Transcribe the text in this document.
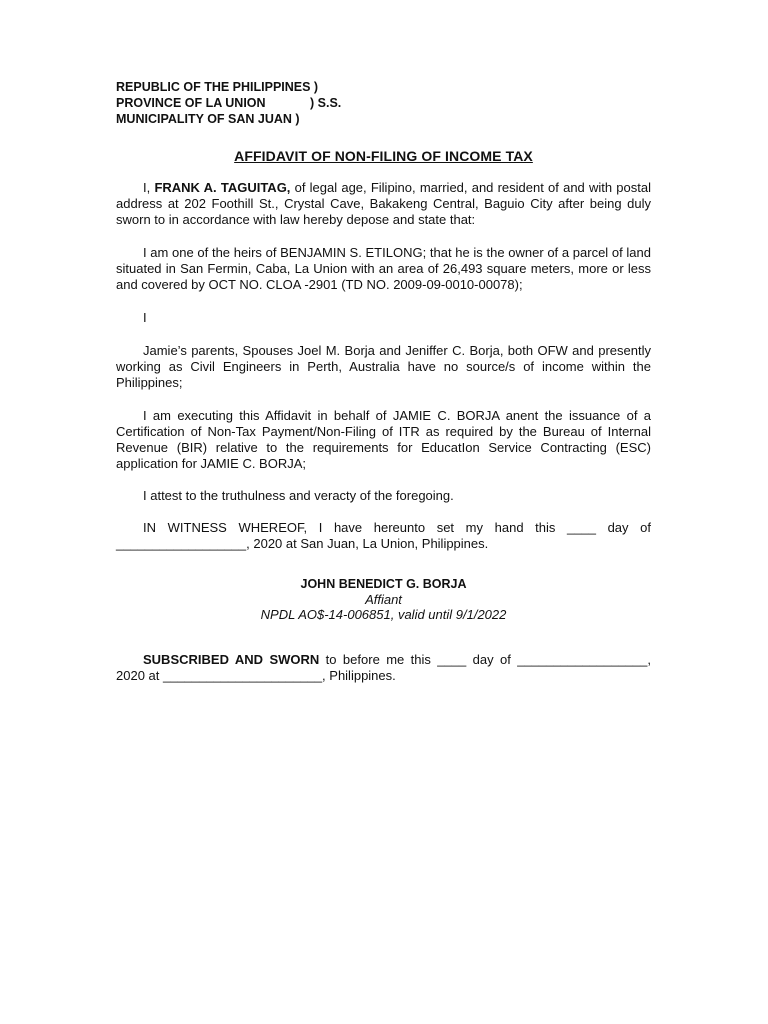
REPUBLIC OF THE PHILIPPINES )
PROVINCE OF LA UNION	) S.S.
MUNICIPALITY OF SAN JUAN )
AFFIDAVIT OF NON-FILING OF INCOME TAX

I, FRANK A. TAGUITAG, of legal age, Filipino, married, and resident of and with postal address at 202 Foothill St., Crystal Cave, Bakakeng Central, Baguio City after being duly sworn to in accordance with law hereby depose and state that:

I am one of the heirs of BENJAMIN S. ETILONG; that he is the owner of a parcel of land situated in San Fermin, Caba, La Union with an area of 26,493 square meters, more or less and covered by OCT NO. CLOA -2901 (TD NO. 2009-09-0010-00078);

I

Jamie’s parents, Spouses Joel M. Borja and Jeniffer C. Borja, both OFW and presently working as Civil Engineers in Perth, Australia have no source/s of income within the Philippines;

I am executing this Affidavit in behalf of JAMIE C. BORJA anent the issuance of a Certification of Non-Tax Payment/Non-Filing of ITR as required by the Bureau of Internal Revenue (BIR) relative to the requirements for EducatIon Service Contracting (ESC) application for JAMIE C. BORJA;

I attest to the truthulness and veracty of the foregoing.

IN WITNESS WHEREOF, I have hereunto set my hand this ____ day of __________________, 2020 at San Juan, La Union, Philippines.

JOHN BENEDICT G. BORJA
Affiant
NPDL AO$-14-006851, valid until 9/1/2022

SUBSCRIBED AND SWORN to before me this ____ day of __________________, 2020 at ______________________, Philippines.
